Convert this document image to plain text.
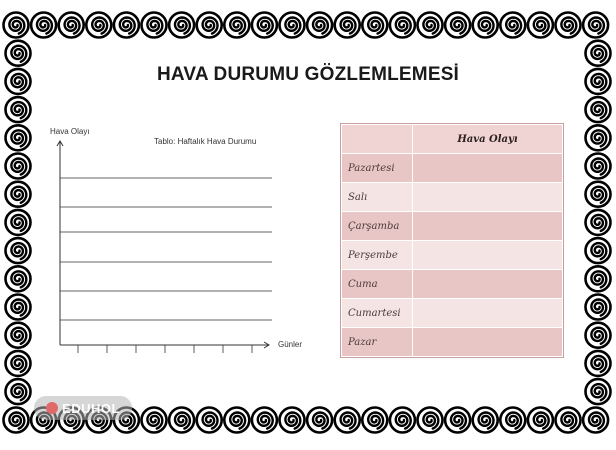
HAVA DURUMU GÖZLEMLEMESİ
Hava Olayı
Tablo: Haftalık Hava Durumu
Günler
	Hava Olayı
Pazartesi	
Salı	
Çarşamba	
Perşembe	
Cuma	
Cumartesi	
Pazar	
EDUHOL
